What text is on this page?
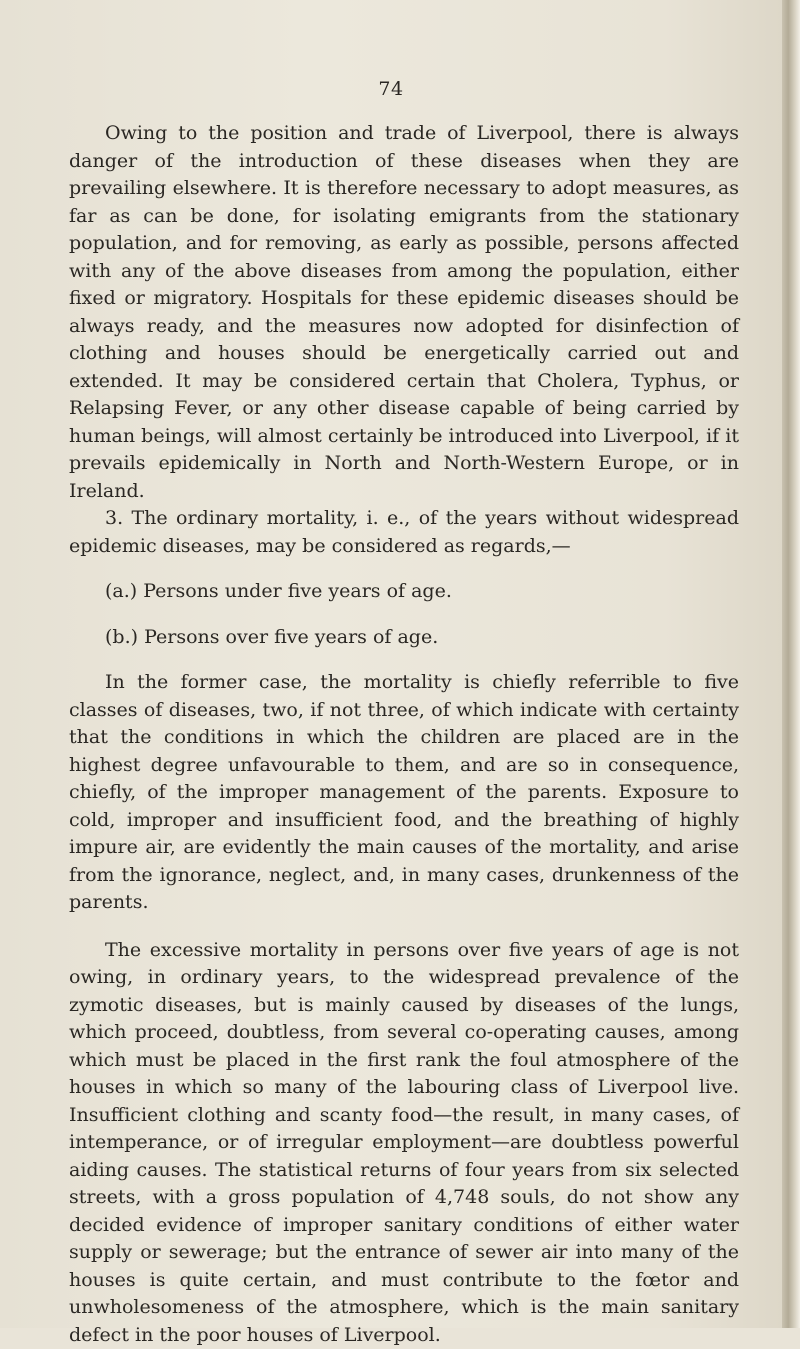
74

Owing to the position and trade of Liverpool, there is always danger of the introduction of these diseases when they are prevailing elsewhere. It is therefore necessary to adopt measures, as far as can be done, for isolating emigrants from the stationary population, and for removing, as early as possible, persons affected with any of the above diseases from among the population, either fixed or migratory. Hospitals for these epidemic diseases should be always ready, and the measures now adopted for disinfection of clothing and houses should be energetically carried out and extended. It may be considered certain that Cholera, Typhus, or Relapsing Fever, or any other disease capable of being carried by human beings, will almost certainly be introduced into Liverpool, if it prevails epidemically in North and North-Western Europe, or in Ireland.

3. The ordinary mortality, i. e., of the years without widespread epidemic diseases, may be considered as regards,—

(a.) Persons under five years of age.

(b.) Persons over five years of age.

In the former case, the mortality is chiefly referrible to five classes of diseases, two, if not three, of which indicate with certainty that the conditions in which the children are placed are in the highest degree unfavourable to them, and are so in consequence, chiefly, of the improper management of the parents. Exposure to cold, improper and insufficient food, and the breathing of highly impure air, are evidently the main causes of the mortality, and arise from the ignorance, neglect, and, in many cases, drunkenness of the parents.

The excessive mortality in persons over five years of age is not owing, in ordinary years, to the widespread prevalence of the zymotic diseases, but is mainly caused by diseases of the lungs, which proceed, doubtless, from several co-operating causes, among which must be placed in the first rank the foul atmosphere of the houses in which so many of the labouring class of Liverpool live. Insufficient clothing and scanty food—the result, in many cases, of intemperance, or of irregular employment—are doubtless powerful aiding causes. The statistical returns of four years from six selected streets, with a gross population of 4,748 souls, do not show any decided evidence of improper sanitary conditions of either water supply or sewerage; but the entrance of sewer air into many of the houses is quite certain, and must contribute to the fœtor and unwholesomeness of the atmosphere, which is the main sanitary defect in the poor houses of Liverpool.
